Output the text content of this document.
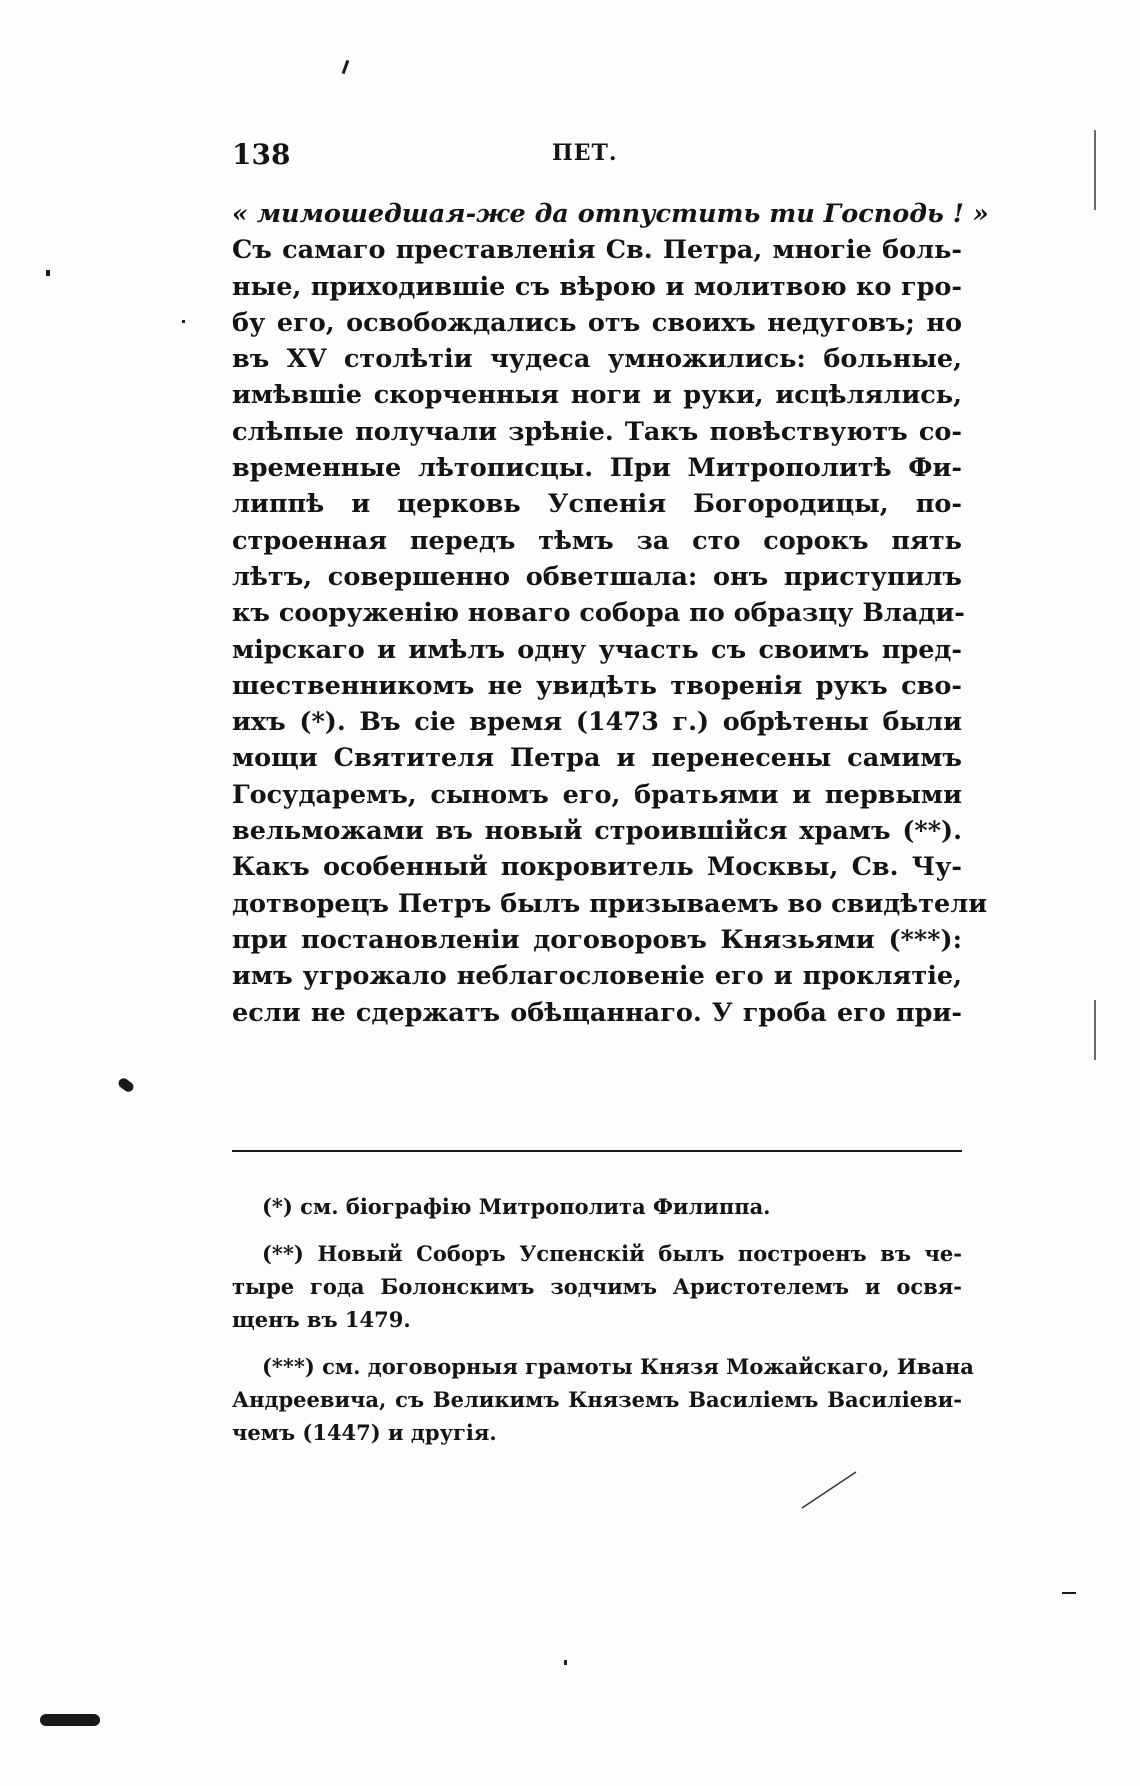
138	ПЕТ.
« мимошедшая-же да отпустить ти Господь ! »
Съ самаго преставленія Св. Петра, многіе боль-
ные, приходившіе съ вѣрою и молитвою ко гро-
бу его, освобождались отъ своихъ недуговъ; но
въ XV столѣтіи чудеса умножились: больные,
имѣвшіе скорченныя ноги и руки, исцѣлялись,
слѣпые получали зрѣніе. Такъ повѣствуютъ со-
временные лѣтописцы. При Митрополитѣ Фи-
липпѣ и церковь Успенія Богородицы, по-
строенная передъ тѣмъ за сто сорокъ пять
лѣтъ, совершенно обветшала: онъ приступилъ
къ сооруженію новаго собора по образцу Влади-
мірскаго и имѣлъ одну участь съ своимъ пред-
шественникомъ не увидѣть творенія рукъ сво-
ихъ (*). Въ сіе время (1473 г.) обрѣтены были
мощи Святителя Петра и перенесены самимъ
Государемъ, сыномъ его, братьями и первыми
вельможами въ новый строившійся храмъ (**).
Какъ особенный покровитель Москвы, Св. Чу-
дотворецъ Петръ былъ призываемъ во свидѣтели
при постановленіи договоровъ Князьями (***):
имъ угрожало неблагословеніе его и проклятіе,
если не сдержатъ обѣщаннаго. У гроба его при-
(*) см. біографію Митрополита Филиппа.
(**) Новый Соборъ Успенскій былъ построенъ въ че-
тыре года Болонскимъ зодчимъ Аристотелемъ и освя-
щенъ въ 1479.
(***) см. договорныя грамоты Князя Можайскаго, Ивана
Андреевича, съ Великимъ Княземъ Василіемъ Василіеви-
чемъ (1447) и другія.
